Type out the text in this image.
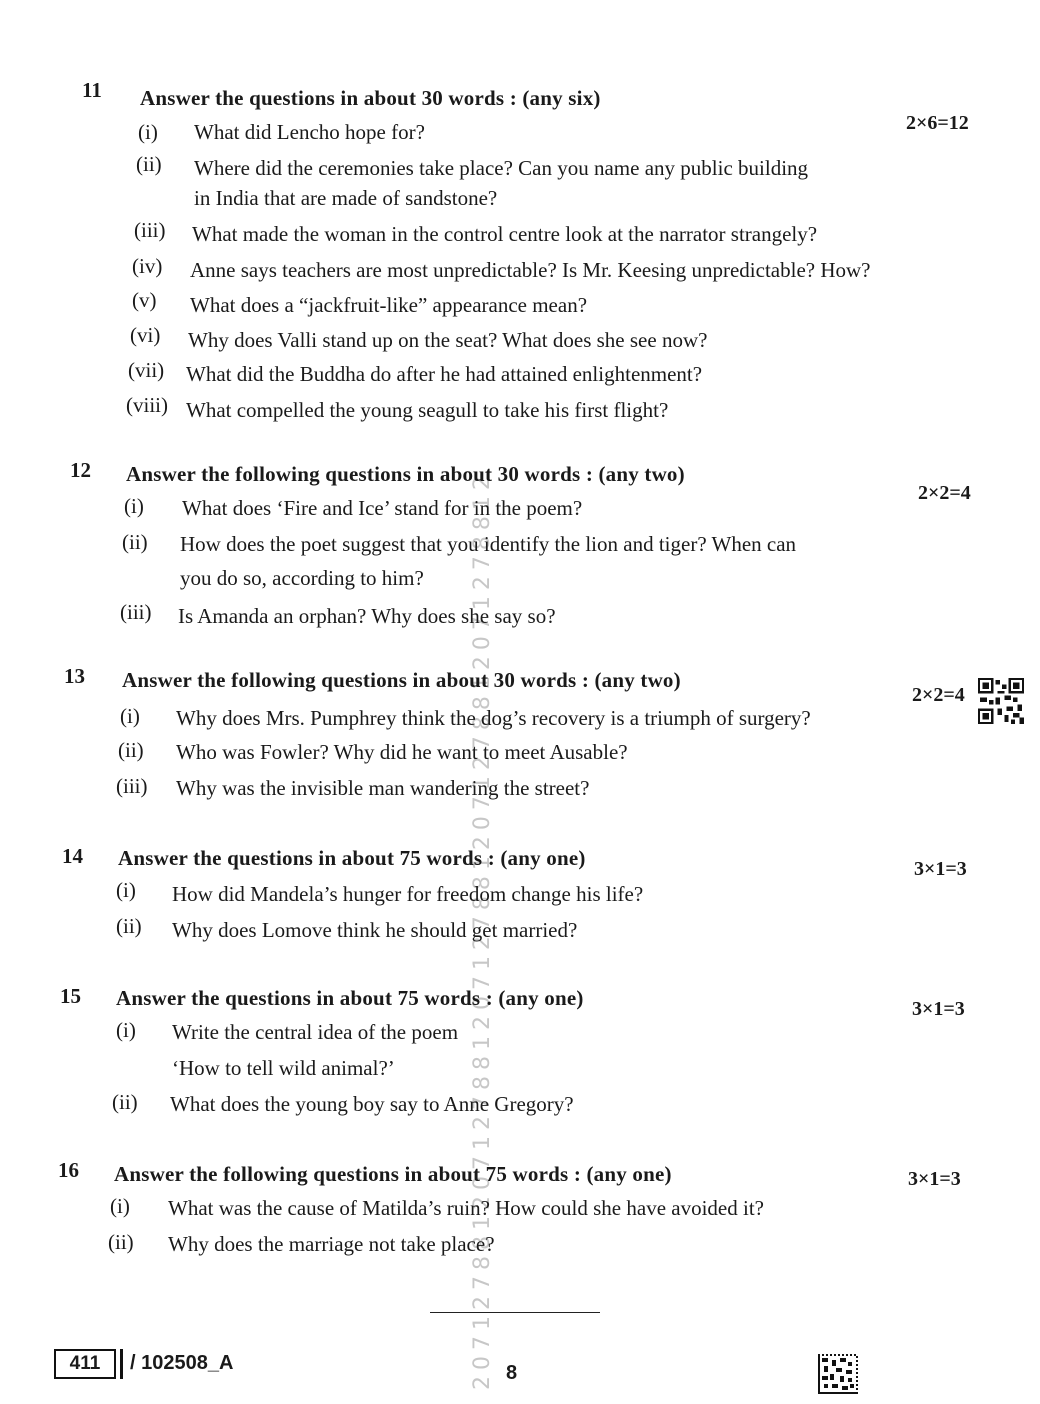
2071278812071278812071278812071278812071278812
11 Answer the questions in about 30 words : (any six)
2×6=12
(i) What did Lencho hope for?
(ii) Where did the ceremonies take place? Can you name any public building
in India that are made of sandstone?
(iii) What made the woman in the control centre look at the narrator strangely?
(iv) Anne says teachers are most unpredictable? Is Mr. Keesing unpredictable? How?
(v) What does a “jackfruit-like” appearance mean?
(vi) Why does Valli stand up on the seat? What does she see now?
(vii) What did the Buddha do after he had attained enlightenment?
(viii) What compelled the young seagull to take his first flight?
12 Answer the following questions in about 30 words : (any two)
2×2=4
(i) What does ‘Fire and Ice’ stand for in the poem?
(ii) How does the poet suggest that you identify the lion and tiger? When can
you do so, according to him?
(iii) Is Amanda an orphan? Why does she say so?
13 Answer the following questions in about 30 words : (any two)
2×2=4
(i) Why does Mrs. Pumphrey think the dog’s recovery is a triumph of surgery?
(ii) Who was Fowler? Why did he want to meet Ausable?
(iii) Why was the invisible man wandering the street?
14 Answer the questions in about 75 words : (any one)	3×1=3
(i) How did Mandela’s hunger for freedom change his life?
(ii) Why does Lomove think he should get married?
15 Answer the questions in about 75 words : (any one)	3×1=3
(i) Write the central idea of the poem
‘How to tell wild animal?’
(ii) What does the young boy say to Anne Gregory?
16 Answer the following questions in about 75 words : (any one)	3×1=3
(i) What was the cause of Matilda’s ruin? How could she have avoided it?
(ii) Why does the marriage not take place?
411	/ 102508_A	8
